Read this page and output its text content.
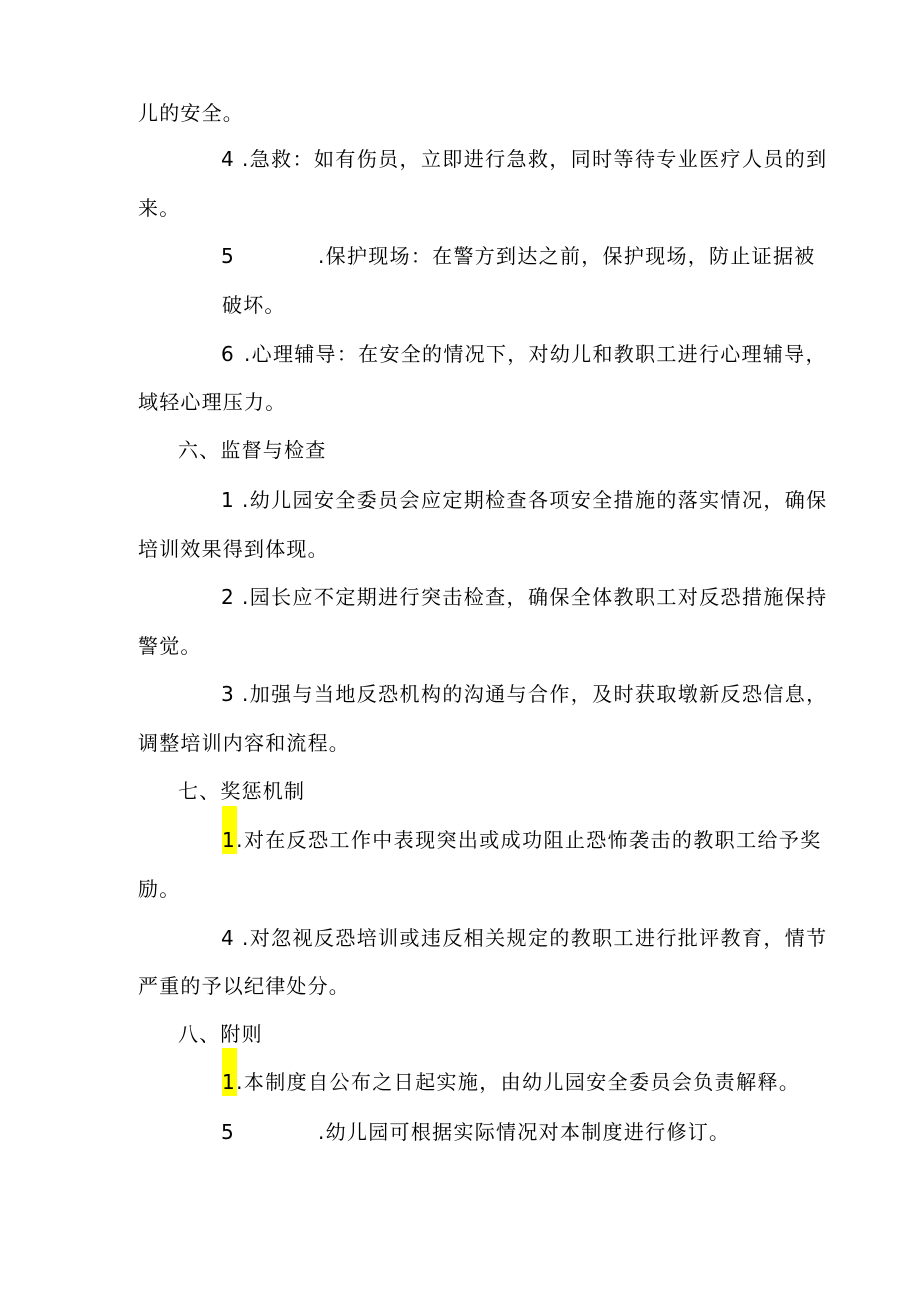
儿的安全。
4 .急救：如有伤员，立即进行急救，同时等待专业医疗人员的到
来。
5	.保护现场：在警方到达之前，保护现场，防止证据被
破坏。
6 .心理辅导：在安全的情况下，对幼儿和教职工进行心理辅导，
域轻心理压力。
六、监督与检查
1 .幼儿园安全委员会应定期检查各项安全措施的落实情况，确保
培训效果得到体现。
2 .园长应不定期进行突击检查，确保全体教职工对反恐措施保持
警觉。
3 .加强与当地反恐机构的沟通与合作，及时获取墩新反恐信息，
调整培训内容和流程。
七、奖惩机制
1.对在反恐工作中表现突出或成功阻止恐怖袭击的教职工给予奖
励。
4 .对忽视反恐培训或违反相关规定的教职工进行批评教育，情节
严重的予以纪律处分。
八、附则
1.本制度自公布之日起实施，由幼儿园安全委员会负责解释。
5	.幼儿园可根据实际情况对本制度进行修订。
